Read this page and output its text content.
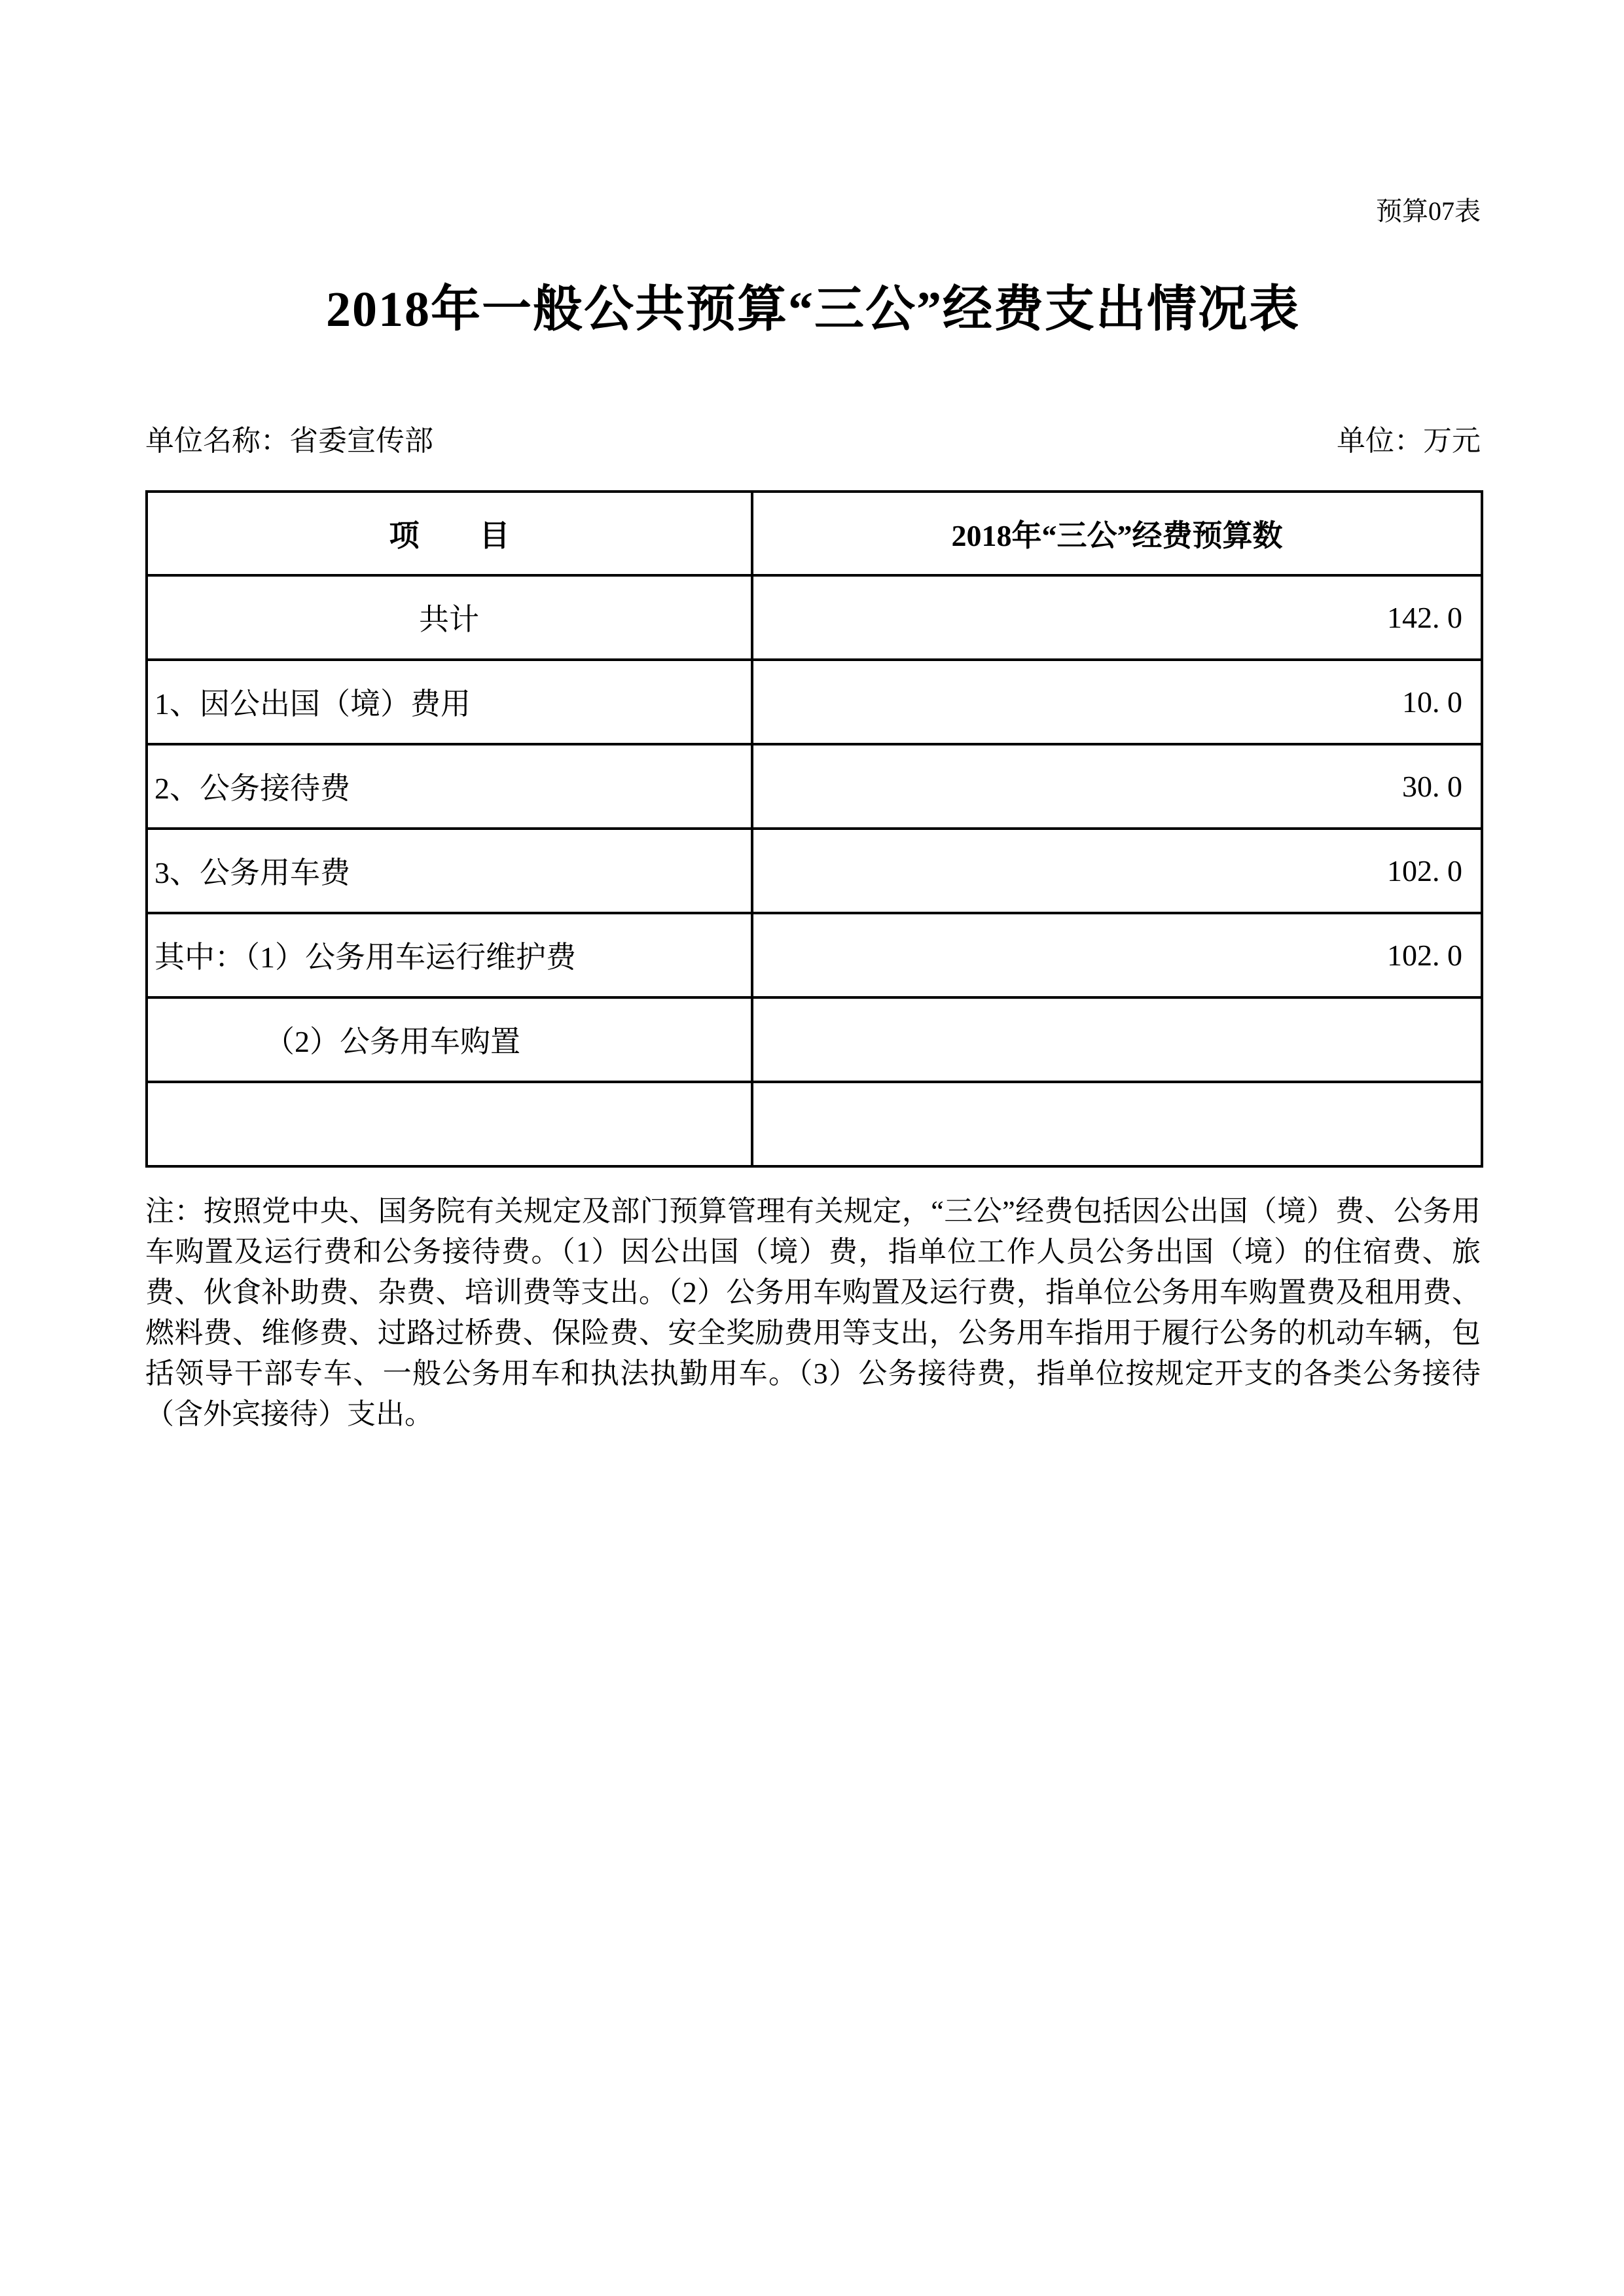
预算07表
2018年一般公共预算“三公”经费支出情况表
单位名称：省委宣传部	单位：万元
项　　目	2018年“三公”经费预算数
共计	142. 0
1、因公出国（境）费用	10. 0
2、公务接待费	30. 0
3、公务用车费	102. 0
其中：（1）公务用车运行维护费	102. 0
（2）公务用车购置	

注：按照党中央、国务院有关规定及部门预算管理有关规定，“三公”经费包括因公出国（境）费、公务用车购置及运行费和公务接待费。（1）因公出国（境）费，指单位工作人员公务出国（境）的住宿费、旅费、伙食补助费、杂费、培训费等支出。（2）公务用车购置及运行费，指单位公务用车购置费及租用费、燃料费、维修费、过路过桥费、保险费、安全奖励费用等支出，公务用车指用于履行公务的机动车辆，包括领导干部专车、一般公务用车和执法执勤用车。（3）公务接待费，指单位按规定开支的各类公务接待（含外宾接待）支出。
